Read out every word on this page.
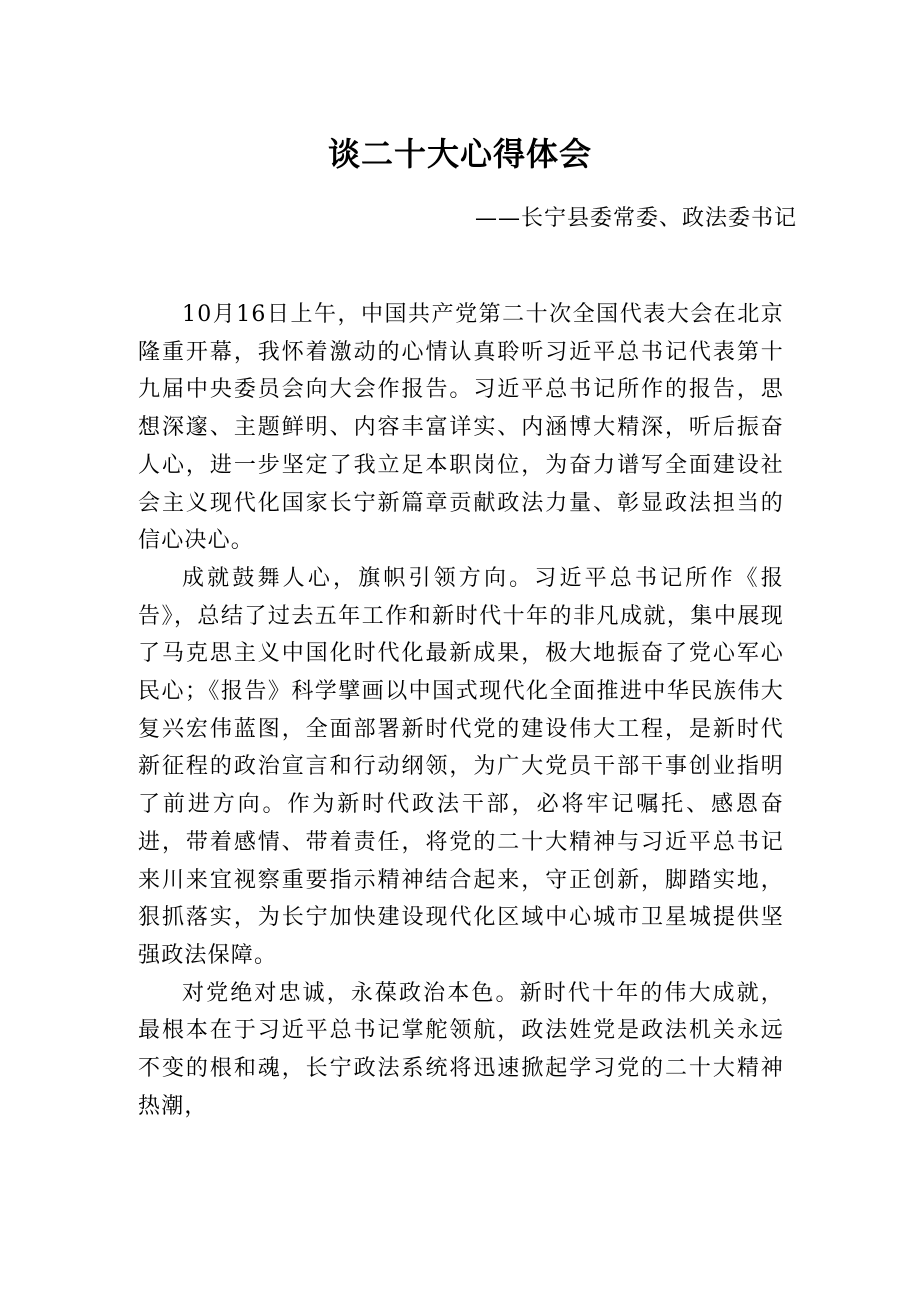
谈二十大心得体会
——长宁县委常委、政法委书记

10月16日上午，中国共产党第二十次全国代表大会在北京隆重开幕，我怀着激动的心情认真聆听习近平总书记代表第十九届中央委员会向大会作报告。习近平总书记所作的报告，思想深邃、主题鲜明、内容丰富详实、内涵博大精深，听后振奋人心，进一步坚定了我立足本职岗位，为奋力谱写全面建设社会主义现代化国家长宁新篇章贡献政法力量、彰显政法担当的信心决心。

成就鼓舞人心，旗帜引领方向。习近平总书记所作《报告》，总结了过去五年工作和新时代十年的非凡成就，集中展现了马克思主义中国化时代化最新成果，极大地振奋了党心军心民心；《报告》科学擘画以中国式现代化全面推进中华民族伟大复兴宏伟蓝图，全面部署新时代党的建设伟大工程，是新时代新征程的政治宣言和行动纲领，为广大党员干部干事创业指明了前进方向。作为新时代政法干部，必将牢记嘱托、感恩奋进，带着感情、带着责任，将党的二十大精神与习近平总书记来川来宜视察重要指示精神结合起来，守正创新，脚踏实地，狠抓落实，为长宁加快建设现代化区域中心城市卫星城提供坚强政法保障。

对党绝对忠诚，永葆政治本色。新时代十年的伟大成就，最根本在于习近平总书记掌舵领航，政法姓党是政法机关永远不变的根和魂，长宁政法系统将迅速掀起学习党的二十大精神热潮，
